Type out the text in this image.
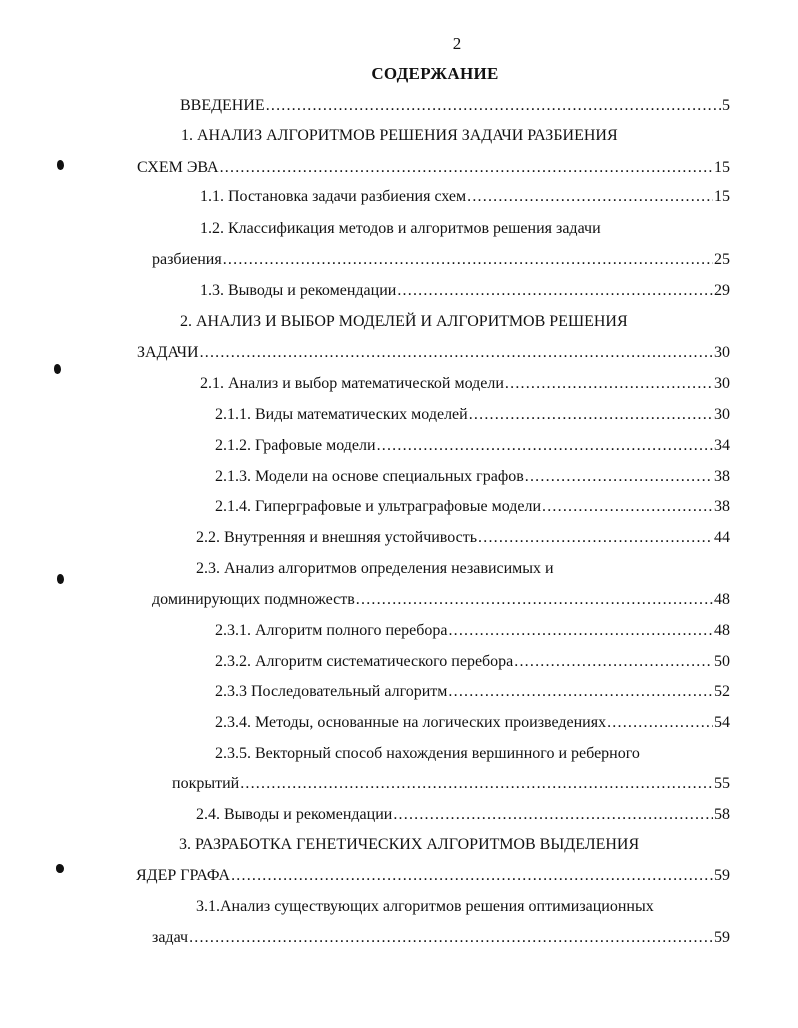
2
СОДЕРЖАНИЕ
ВВЕДЕНИЕ .....	5
1. АНАЛИЗ АЛГОРИТМОВ РЕШЕНИЯ ЗАДАЧИ РАЗБИЕНИЯ
СХЕМ ЭВА .....	15
1.1. Постановка задачи разбиения схем .....	15
1.2. Классификация методов и алгоритмов решения задачи
разбиения .....	25
1.3. Выводы и рекомендации .....	29
2. АНАЛИЗ И ВЫБОР МОДЕЛЕЙ И АЛГОРИТМОВ РЕШЕНИЯ
ЗАДАЧИ .....	30
2.1. Анализ и выбор математической модели .....	30
2.1.1. Виды математических моделей .....	30
2.1.2. Графовые модели .....	34
2.1.3. Модели на основе специальных графов .....	38
2.1.4. Гиперграфовые и ультраграфовые модели .....	38
2.2. Внутренняя и внешняя устойчивость .....	44
2.3. Анализ алгоритмов определения независимых и
доминирующих подмножеств .....	48
2.3.1. Алгоритм полного перебора .....	48
2.3.2. Алгоритм систематического перебора .....	50
2.3.3 Последовательный алгоритм .....	52
2.3.4. Методы, основанные на логических произведениях .....	54
2.3.5. Векторный способ нахождения вершинного и реберного
покрытий .....	55
2.4. Выводы и рекомендации .....	58
3. РАЗРАБОТКА ГЕНЕТИЧЕСКИХ АЛГОРИТМОВ ВЫДЕЛЕНИЯ
ЯДЕР ГРАФА .....	59
3.1.Анализ существующих алгоритмов решения оптимизационных
задач .....	59
